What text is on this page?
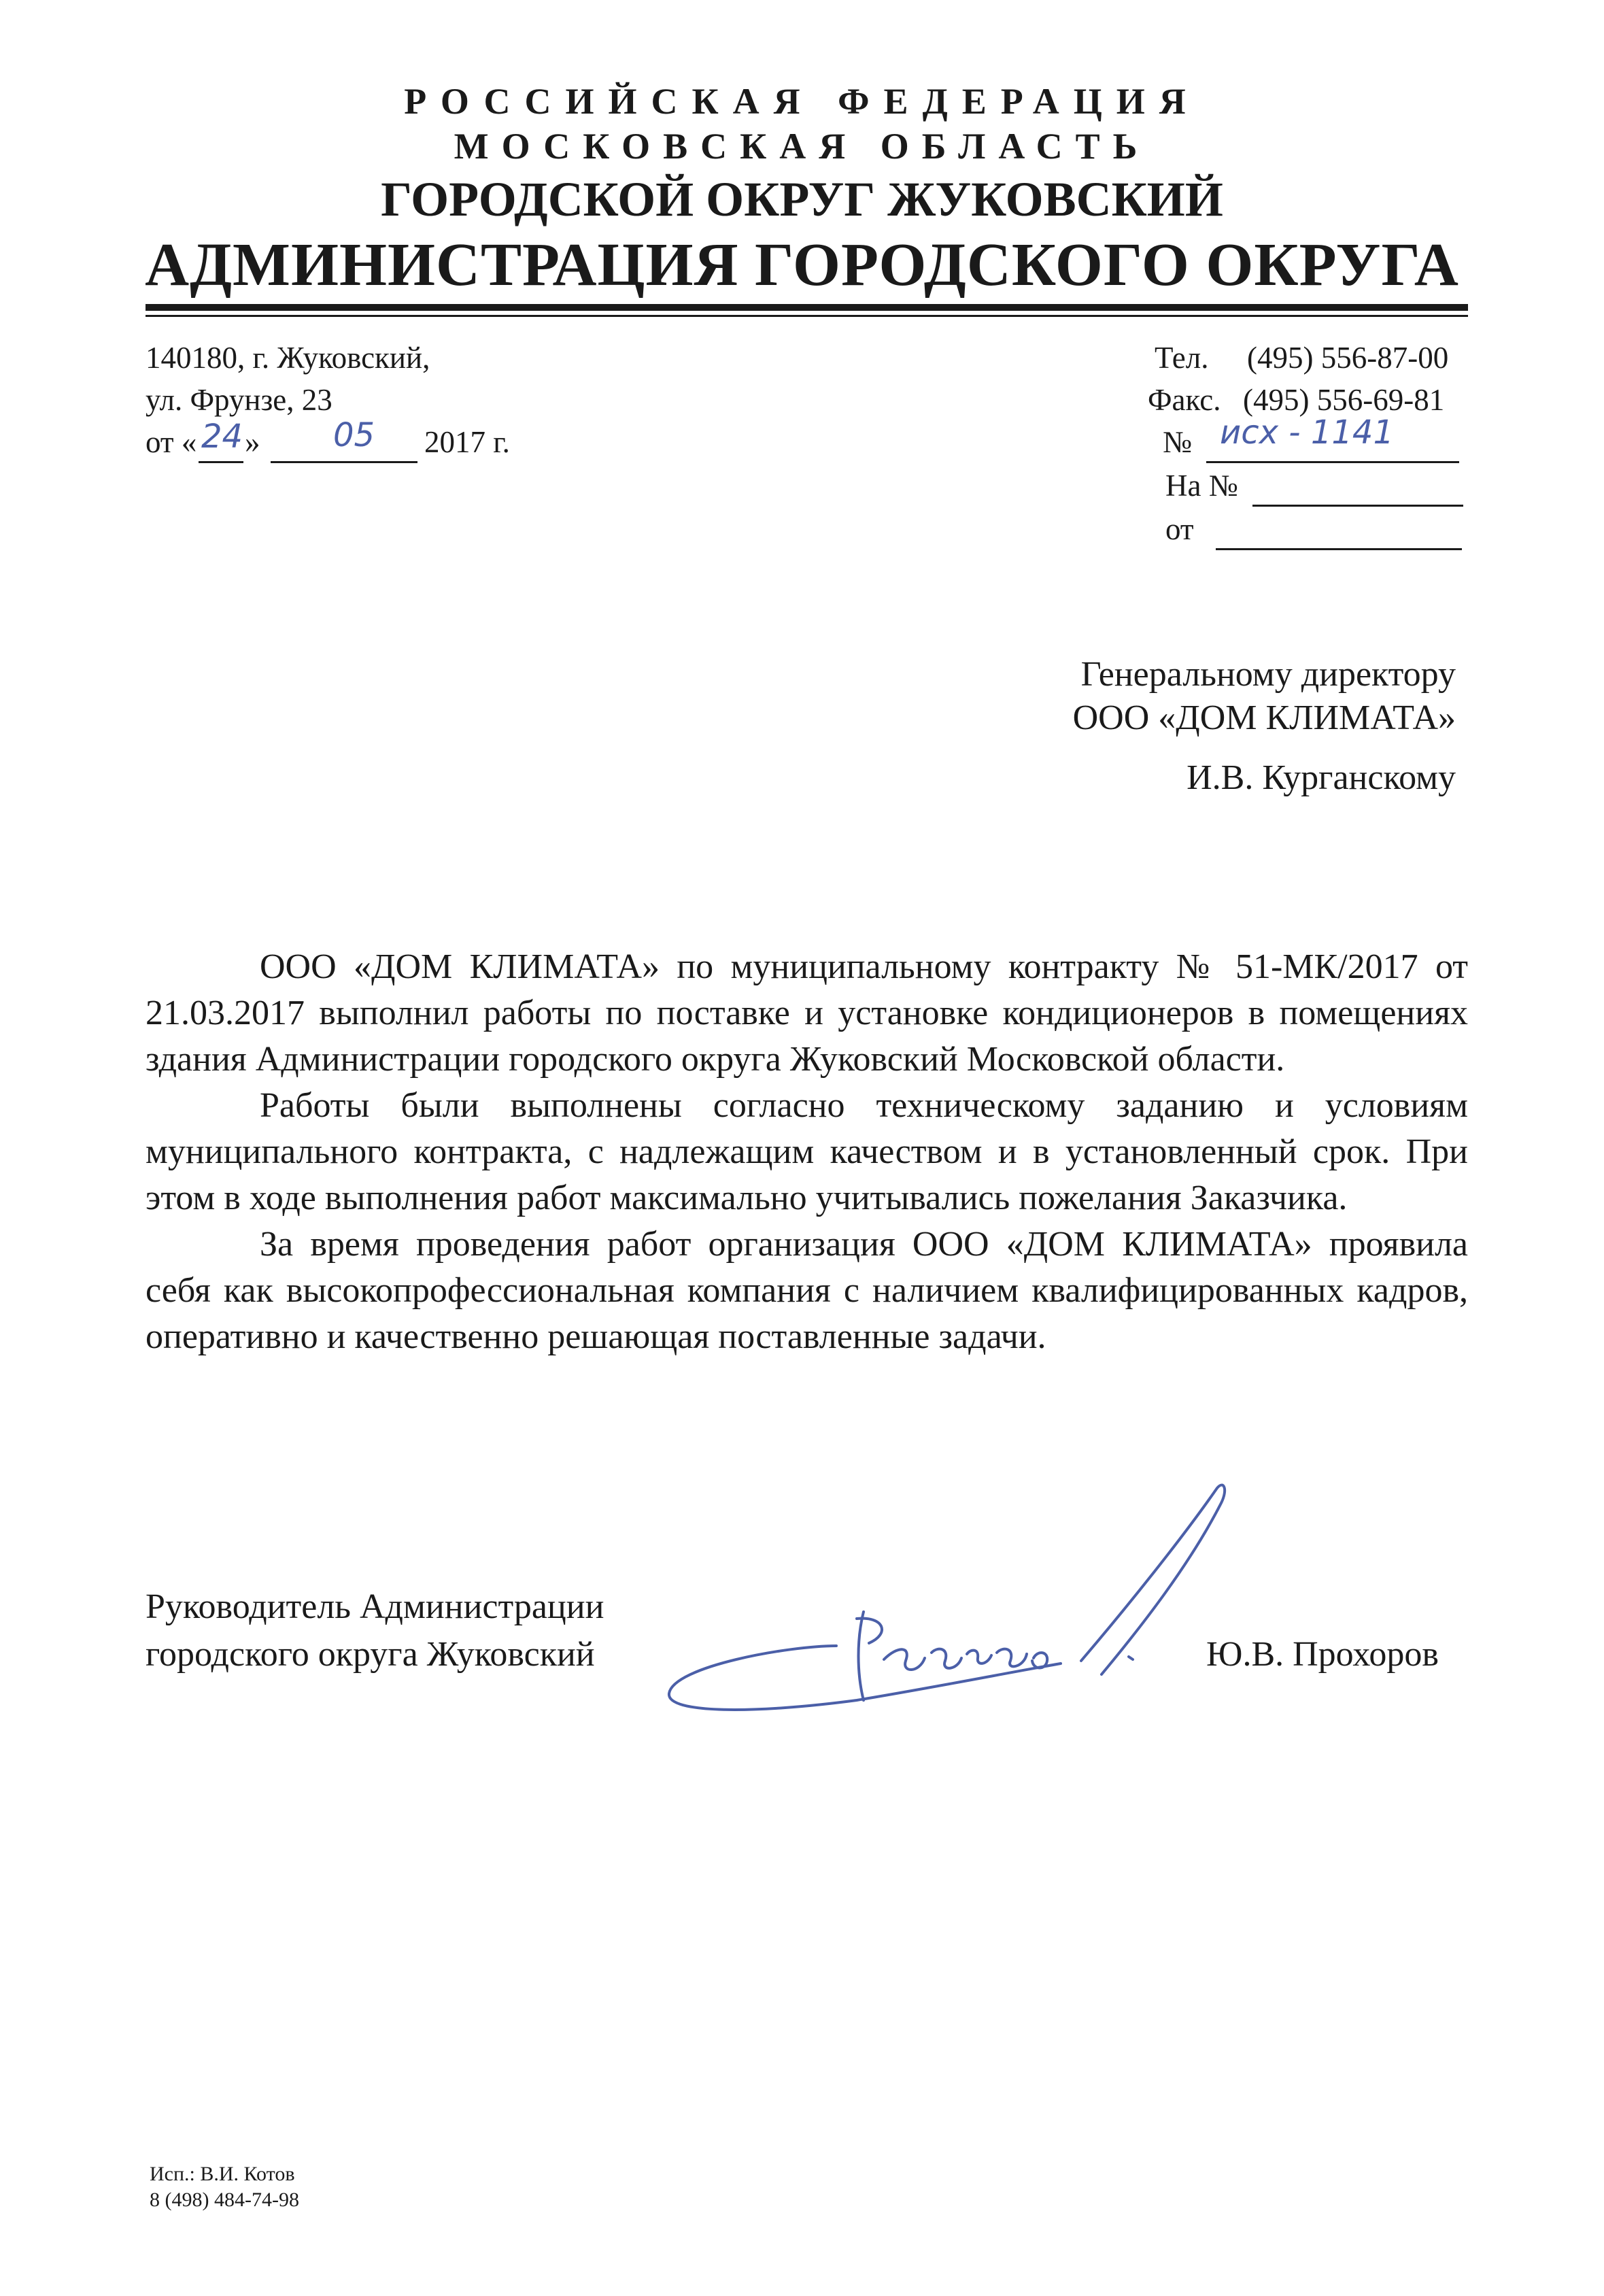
РОССИЙСКАЯ ФЕДЕРАЦИЯ
МОСКОВСКАЯ ОБЛАСТЬ
ГОРОДСКОЙ ОКРУГ ЖУКОВСКИЙ
АДМИНИСТРАЦИЯ ГОРОДСКОГО ОКРУГА
140180, г. Жуковский,
ул. Фрунзе, 23
от « 24 » 05 2017 г.
Тел. (495) 556-87-00
Факс. (495) 556-69-81
№ исх - 1141
На №
от
Генеральному директору
ООО «ДОМ КЛИМАТА»
И.В. Курганскому

ООО «ДОМ КЛИМАТА» по муниципальному контракту № 51-МК/2017 от 21.03.2017 выполнил работы по поставке и установке кондиционеров в помещениях здания Администрации городского округа Жуковский Московской области.

Работы были выполнены согласно техническому заданию и условиям муниципального контракта, с надлежащим качеством и в установленный срок. При этом в ходе выполнения работ максимально учитывались пожелания Заказчика.

За время проведения работ организация ООО «ДОМ КЛИМАТА» проявила себя как высокопрофессиональная компания с наличием квалифицированных кадров, оперативно и качественно решающая поставленные задачи.

Руководитель Администрации
городского округа Жуковский	Ю.В. Прохоров
Исп.: В.И. Котов
8 (498) 484-74-98
